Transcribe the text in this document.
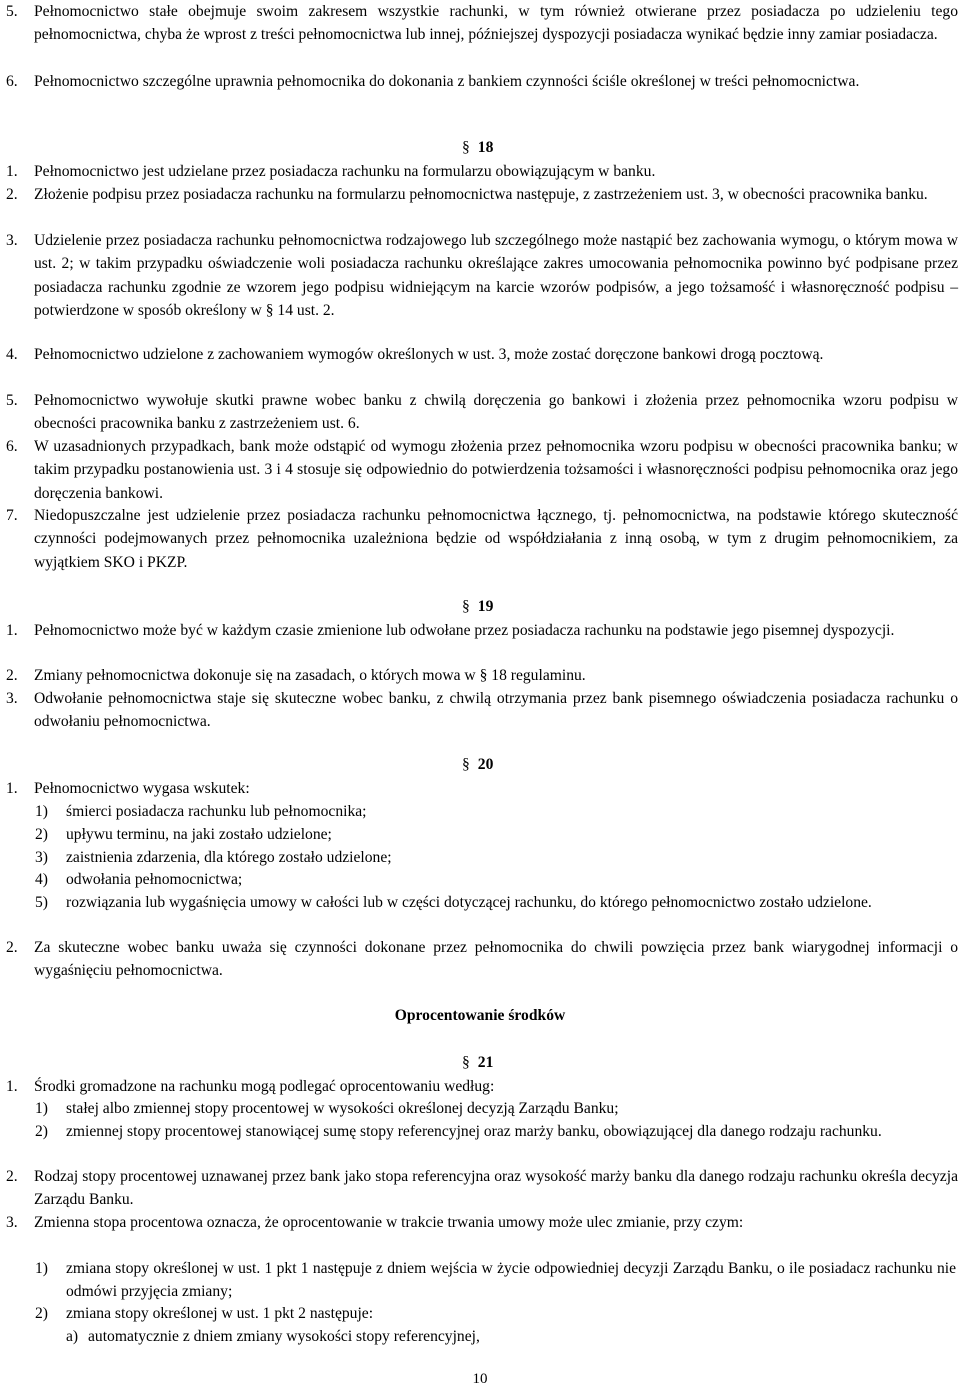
5.	Pełnomocnictwo stałe obejmuje swoim zakresem wszystkie rachunki, w tym również otwierane przez posiadacza po udzieleniu tego pełnomocnictwa, chyba że wprost z treści pełnomocnictwa lub innej, późniejszej dyspozycji posiadacza wynikać będzie inny zamiar posiadacza.
6.	Pełnomocnictwo szczególne uprawnia pełnomocnika do dokonania z bankiem czynności ściśle określonej w treści pełnomocnictwa.
§ 18
1.	Pełnomocnictwo jest udzielane przez posiadacza rachunku na formularzu obowiązującym w banku.
2.	Złożenie podpisu przez posiadacza rachunku na formularzu pełnomocnictwa następuje, z zastrzeżeniem ust. 3, w obecności pracownika banku.
3.	Udzielenie przez posiadacza rachunku pełnomocnictwa rodzajowego lub szczególnego może nastąpić bez zachowania wymogu, o którym mowa w ust. 2; w takim przypadku oświadczenie woli posiadacza rachunku określające zakres umocowania pełnomocnika powinno być podpisane przez posiadacza rachunku zgodnie ze wzorem jego podpisu widniejącym na karcie wzorów podpisów, a jego tożsamość i własnoręczność podpisu – potwierdzone w sposób określony w § 14 ust. 2.
4.	Pełnomocnictwo udzielone z zachowaniem wymogów określonych w ust. 3, może zostać doręczone bankowi drogą pocztową.
5.	Pełnomocnictwo wywołuje skutki prawne wobec banku z chwilą doręczenia go bankowi i złożenia przez pełnomocnika wzoru podpisu w obecności pracownika banku z zastrzeżeniem ust. 6.
6.	W uzasadnionych przypadkach, bank może odstąpić od wymogu złożenia przez pełnomocnika wzoru podpisu w obecności pracownika banku; w takim przypadku postanowienia ust. 3 i 4 stosuje się odpowiednio do potwierdzenia tożsamości i własnoręczności podpisu pełnomocnika oraz jego doręczenia bankowi.
7.	Niedopuszczalne jest udzielenie przez posiadacza rachunku pełnomocnictwa łącznego, tj. pełnomocnictwa, na podstawie którego skuteczność czynności podejmowanych przez pełnomocnika uzależniona będzie od współdziałania z inną osobą, w tym z drugim pełnomocnikiem, za wyjątkiem SKO i PKZP.
§ 19
1.	Pełnomocnictwo może być w każdym czasie zmienione lub odwołane przez posiadacza rachunku na podstawie jego pisemnej dyspozycji.
2.	Zmiany pełnomocnictwa dokonuje się na zasadach, o których mowa w § 18 regulaminu.
3.	Odwołanie pełnomocnictwa staje się skuteczne wobec banku, z chwilą otrzymania przez bank pisemnego oświadczenia posiadacza rachunku o odwołaniu pełnomocnictwa.
§ 20
1.	Pełnomocnictwo wygasa wskutek:
1)	śmierci posiadacza rachunku lub pełnomocnika;
2)	upływu terminu, na jaki zostało udzielone;
3)	zaistnienia zdarzenia, dla którego zostało udzielone;
4)	odwołania pełnomocnictwa;
5)	rozwiązania lub wygaśnięcia umowy w całości lub w części dotyczącej rachunku, do którego pełnomocnictwo zostało udzielone.
2.	Za skuteczne wobec banku uważa się czynności dokonane przez pełnomocnika do chwili powzięcia przez bank wiarygodnej informacji o wygaśnięciu pełnomocnictwa.
Oprocentowanie środków
§ 21
1.	Środki gromadzone na rachunku mogą podlegać oprocentowaniu według:
1)	stałej albo zmiennej stopy procentowej w wysokości określonej decyzją Zarządu Banku;
2)	zmiennej stopy procentowej stanowiącej sumę stopy referencyjnej oraz marży banku, obowiązującej dla danego rodzaju rachunku.
2.	Rodzaj stopy procentowej uznawanej przez bank jako stopa referencyjna oraz wysokość marży banku dla danego rodzaju rachunku określa decyzja Zarządu Banku.
3.	Zmienna stopa procentowa oznacza, że oprocentowanie w trakcie trwania umowy może ulec zmianie, przy czym:
1)	zmiana stopy określonej w ust. 1 pkt 1 następuje z dniem wejścia w życie odpowiedniej decyzji Zarządu Banku, o ile posiadacz rachunku nie odmówi przyjęcia zmiany;
2)	zmiana stopy określonej w ust. 1 pkt 2 następuje:
a) automatycznie z dniem zmiany wysokości stopy referencyjnej,
10
